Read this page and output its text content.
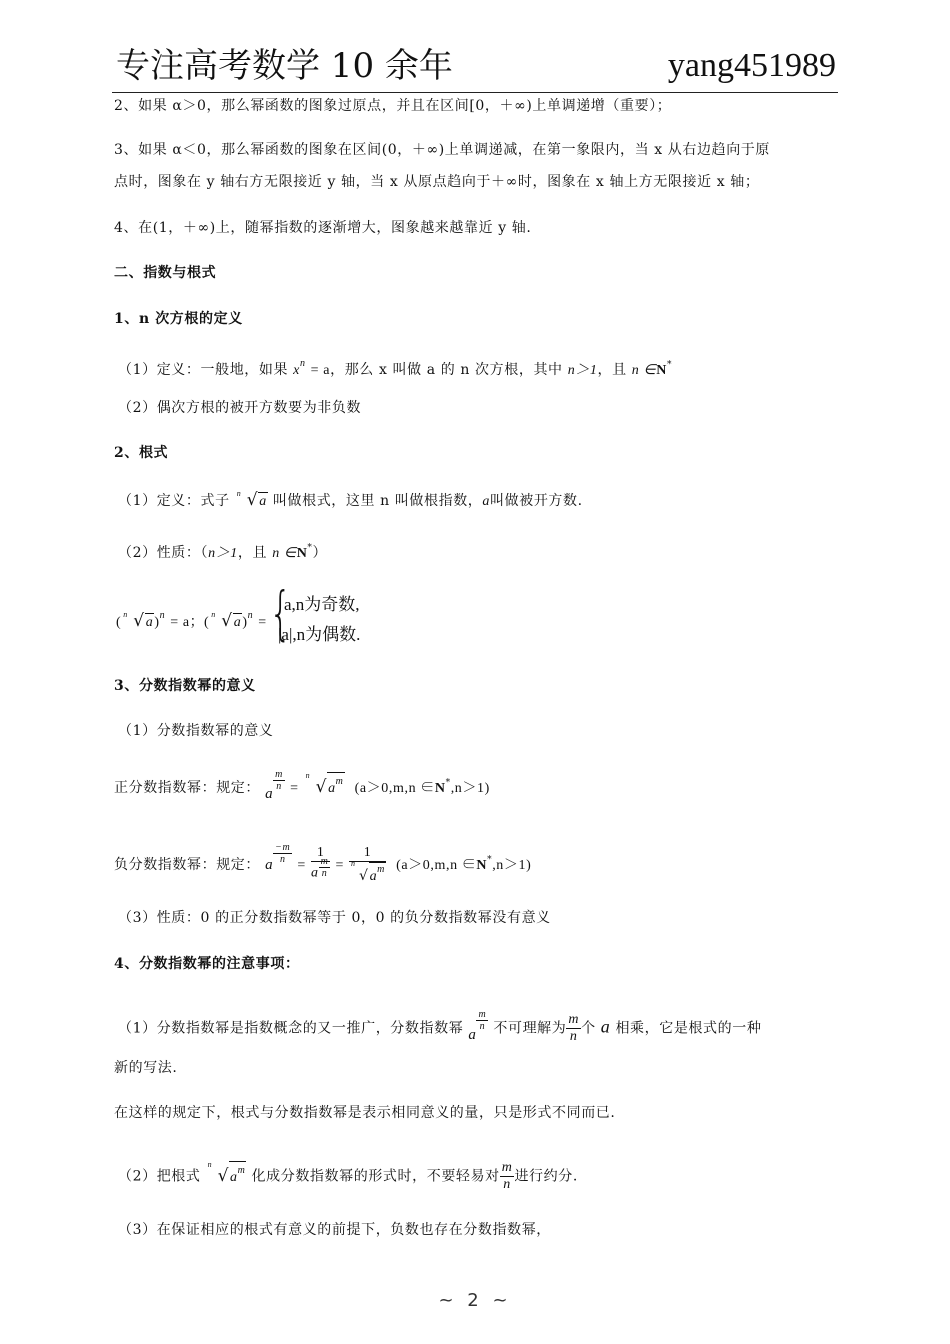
专注高考数学 10 余年	yang451989
2、如果 α＞0，那么幂函数的图象过原点，并且在区间[0，＋∞)上单调递增（重要）；
3、如果 α＜0，那么幂函数的图象在区间(0，＋∞)上单调递减，在第一象限内，当 x 从右边趋向于原
点时，图象在 y 轴右方无限接近 y 轴，当 x 从原点趋向于＋∞时，图象在 x 轴上方无限接近 x 轴；
4、在(1，＋∞)上，随幂指数的逐渐增大，图象越来越靠近 y 轴.
二、指数与根式
1、n 次方根的定义
（1）定义：一般地，如果 $x^n = a$，那么 x 叫做 a 的 n 次方根，其中 n＞1，且 n ∈N*
（2）偶次方根的被开方数要为非负数
2、根式
（1）定义：式子 n √a 叫做根式，这里 n 叫做根指数，a叫做被开方数.
（2）性质：（n＞1，且 n ∈N*）
(
n √a)$^n$ = a； (
n √a)$^n$ = {
a,n为奇数,
|a|,n为偶数.
3、分数指数幂的意义
（1）分数指数幂的意义
正分数指数幂：规定： a
$\frac{m}{n}$ =
n
$√a^m$ (a＞0,m,n ∈N*,n＞1)
负分数指数幂：规定： a
$\frac{-m}{n}$
= $\frac{1}{a \frac{m}{n}} = 1$
n
$√a^m$ (a＞0,m,n ∈N*,n＞1)
（3）性质：0 的正分数指数幂等于 0，0 的负分数指数幂没有意义
4、分数指数幂的注意事项：
（1）分数指数幂是指数概念的又一推广，分数指数幂 a
$\frac{m}{n}$ 不可理解为 $\frac{m}{n}$ 个 a 相乘，它是根式的一种
新的写法.
在这样的规定下，根式与分数指数幂是表示相同意义的量，只是形式不同而已.
（2）把根式
n
$√a^m$ 化成分数指数幂的形式时，不要轻易对 $\frac{m}{n}$ 进行约分.
（3）在保证相应的根式有意义的前提下，负数也存在分数指数幂，
~ 2 ~
